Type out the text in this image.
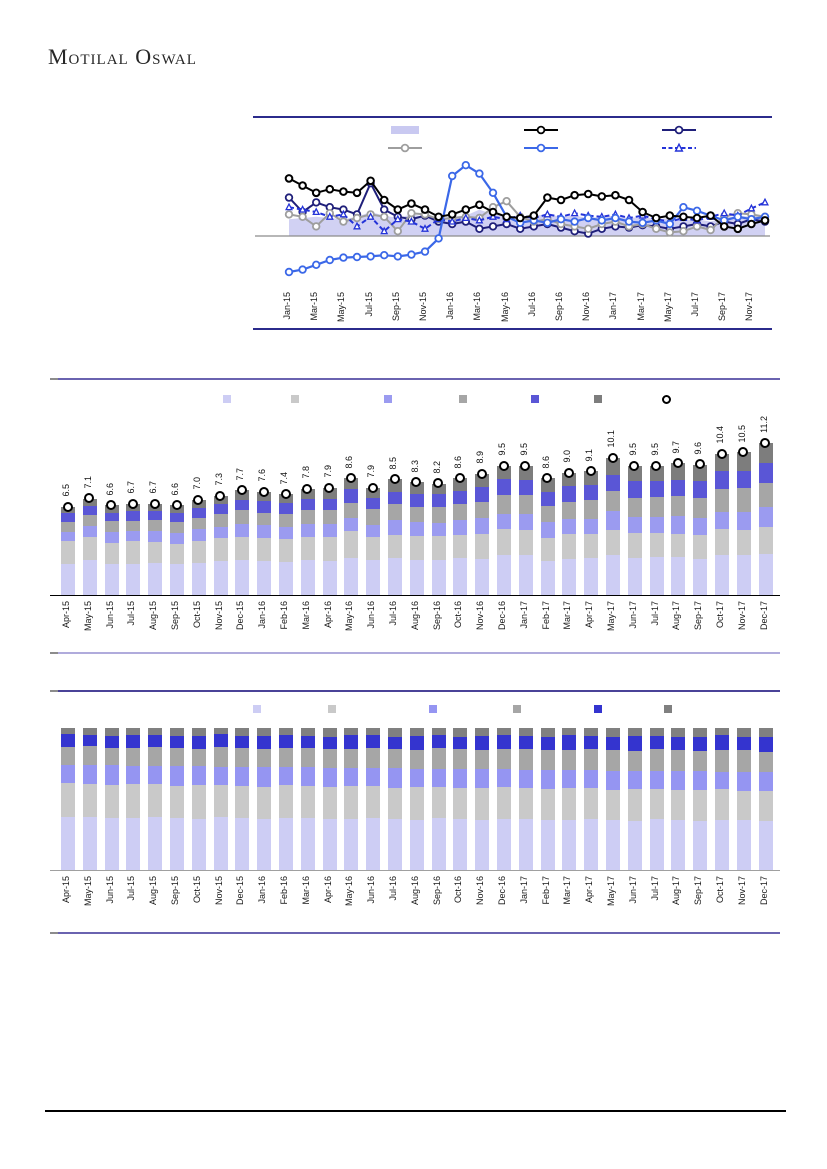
Motilal Oswal
Jan-15 Mar-15 May-15 Jul-15 Sep-15 Nov-15 Jan-16 Mar-16 May-16 Jul-16 Sep-16 Nov-16 Jan-17 Mar-17 May-17 Jul-17 Sep-17 Nov-17
6.5
7.1
6.6 6.7 6.7 6.6 7.0 7.3 7.7 7.6 7.4 7.8 7.9
8.6
7.9
8.5 8.3 8.2 8.6 8.9
9.5 9.5
8.6 9.0 9.1
10.1
9.5 9.5 9.7 9.6
10.4 10.5
11.2
Apr-15 May-15 Jun-15 Jul-15 Aug-15 Sep-15 Oct-15 Nov-15 Dec-15 Jan-16 Feb-16 Mar-16 Apr-16 May-16 Jun-16 Jul-16 Aug-16 Sep-16 Oct-16 Nov-16 Dec-16 Jan-17 Feb-17 Mar-17 Apr-17 May-17 Jun-17 Jul-17 Aug-17 Sep-17 Oct-17 Nov-17 Dec-17
Apr-15 May-15 Jun-15 Jul-15 Aug-15 Sep-15 Oct-15 Nov-15 Dec-15 Jan-16 Feb-16 Mar-16 Apr-16 May-16 Jun-16 Jul-16 Aug-16 Sep-16 Oct-16 Nov-16 Dec-16 Jan-17 Feb-17 Mar-17 Apr-17 May-17 Jun-17 Jul-17 Aug-17 Sep-17 Oct-17 Nov-17 Dec-17
